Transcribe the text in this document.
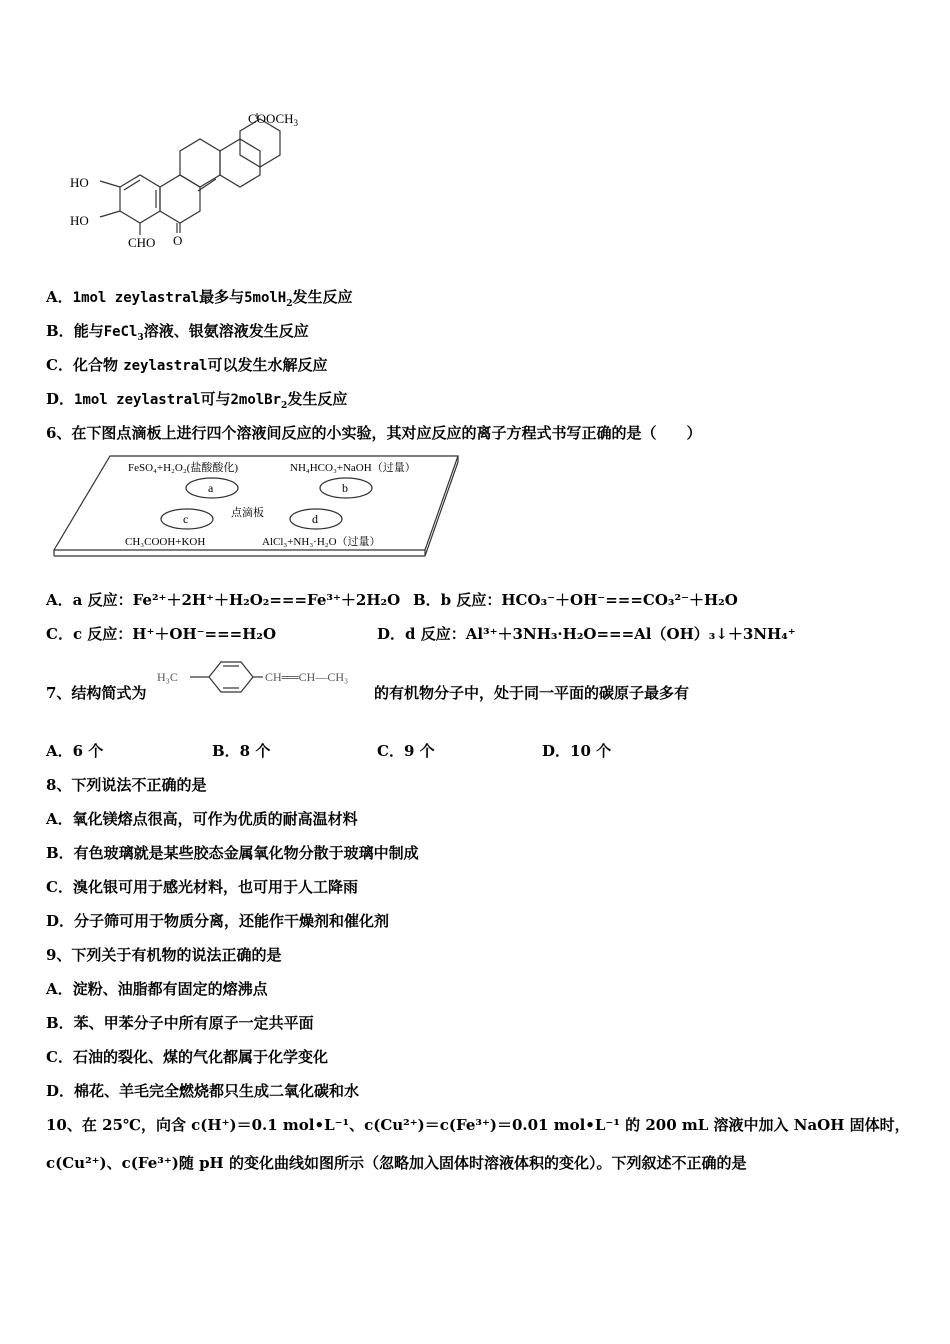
$COOCH_3$
HO
HO
CHO O
A．1mol zeylastral最多与5molH$_2$发生反应
B．能与FeCl$_3$溶液、银氨溶液发生反应
C．化合物 zeylastral可以发生水解反应
D．1mol zeylastral可与2molBr$_2$发生反应
6、在下图点滴板上进行四个溶液间反应的小实验，其对应反应的离子方程式书写正确的是（　　）
FeSO₄+H₂O₂(盐酸酸化)	NH₄HCO₃+NaOH（过量）
a	b
c	d
点滴板
CH₃COOH+KOH	AlCl₃+NH₃·H₂O（过量）
A．a 反应：Fe²⁺＋2H⁺＋H₂O₂===Fe³⁺＋2H₂O B．b 反应：HCO₃⁻＋OH⁻===CO₃²⁻＋H₂O
C．c 反应：H⁺＋OH⁻===H₂O	D．d 反应：Al³⁺＋3NH₃·H₂O===Al（OH）₃↓＋3NH₄⁺
7、结构简式为
H₃C	CH══CH—CH₃
的有机物分子中，处于同一平面的碳原子最多有
A．6 个	B．8 个	C．9 个	D．10 个
8、下列说法不正确的是
A．氧化镁熔点很高，可作为优质的耐高温材料
B．有色玻璃就是某些胶态金属氧化物分散于玻璃中制成
C．溴化银可用于感光材料，也可用于人工降雨
D．分子筛可用于物质分离，还能作干燥剂和催化剂
9、下列关于有机物的说法正确的是
A．淀粉、油脂都有固定的熔沸点
B．苯、甲苯分子中所有原子一定共平面
C．石油的裂化、煤的气化都属于化学变化
D．棉花、羊毛完全燃烧都只生成二氧化碳和水
10、在 25℃，向含 c(H⁺)＝0.1 mol•L⁻¹、c(Cu²⁺)＝c(Fe³⁺)＝0.01 mol•L⁻¹ 的 200 mL 溶液中加入 NaOH 固体时，
c(Cu²⁺)、c(Fe³⁺)随 pH 的变化曲线如图所示（忽略加入固体时溶液体积的变化）。下列叙述不正确的是
